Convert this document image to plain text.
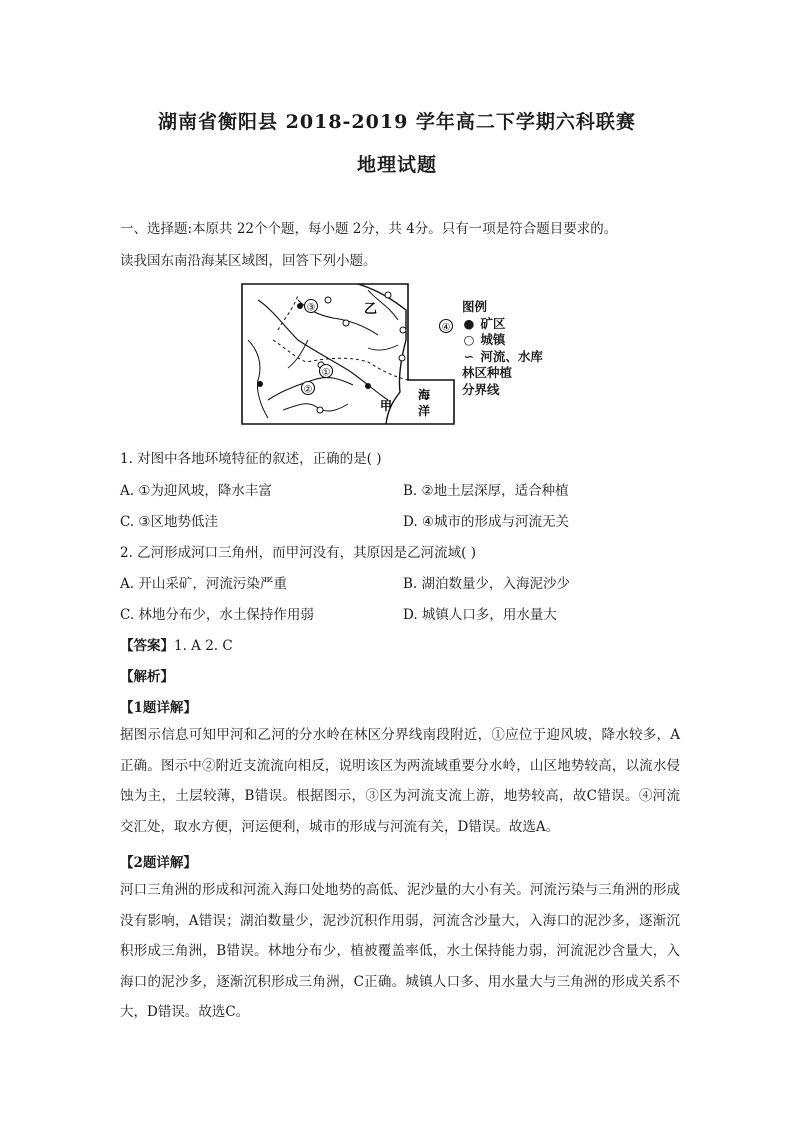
湖南省衡阳县 2018-2019 学年高二下学期六科联赛
地理试题
一、选择题:本原共 22个个题，每小题 2分，共 4分。只有一项是符合题目要求的。
读我国东南沿海某区域图，回答下列小题。
③
①
②
④
乙
甲
海
洋
图例
● 矿区
○ 城镇
∽ 河流、水库
林区种植
分界线
1. 对图中各地环境特征的叙述，正确的是( )
A. ①为迎风坡，降水丰富	B. ②地土层深厚，适合种植
C. ③区地势低洼	D. ④城市的形成与河流无关
2. 乙河形成河口三角州，而甲河没有，其原因是乙河流域( )
A. 开山采矿，河流污染严重	B. 湖泊数量少，入海泥沙少
C. 林地分布少，水土保持作用弱	D. 城镇人口多，用水量大
【答案】1. A 2. C
【解析】
【1题详解】

据图示信息可知甲河和乙河的分水岭在林区分界线南段附近，①应位于迎风坡，降水较多，A正确。图示中②附近支流流向相反，说明该区为两流域重要分水岭，山区地势较高，以流水侵蚀为主，土层较薄，B错误。根据图示，③区为河流支流上游，地势较高，故C错误。④河流交汇处，取水方便，河运便利，城市的形成与河流有关，D错误。故选A。

【2题详解】

河口三角洲的形成和河流入海口处地势的高低、泥沙量的大小有关。河流污染与三角洲的形成没有影响，A错误；湖泊数量少，泥沙沉积作用弱，河流含沙量大，入海口的泥沙多，逐渐沉积形成三角洲，B错误。林地分布少，植被覆盖率低，水土保持能力弱，河流泥沙含量大，入海口的泥沙多，逐渐沉积形成三角洲，C正确。城镇人口多、用水量大与三角洲的形成关系不大，D错误。故选C。
